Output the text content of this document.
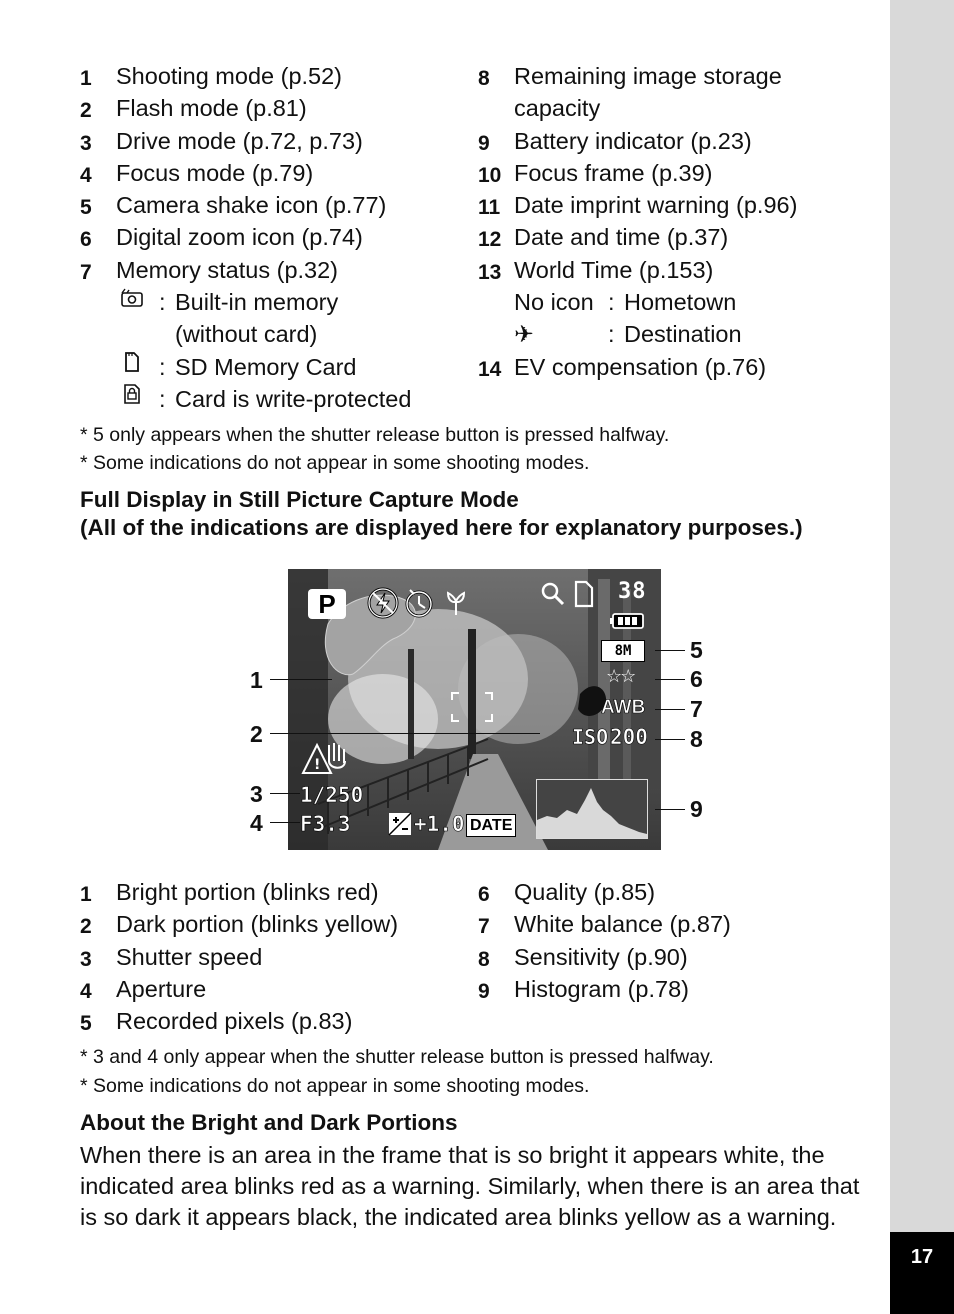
17
1 Shooting mode (p.52)
2 Flash mode (p.81)
3 Drive mode (p.72, p.73)
4 Focus mode (p.79)
5 Camera shake icon (p.77)
6 Digital zoom icon (p.74)
7 Memory status (p.32)
: Built-in memory
(without card)
: SD Memory Card
: Card is write-protected
8 Remaining image storage
capacity
9 Battery indicator (p.23)
10 Focus frame (p.39)
11 Date imprint warning (p.96)
12 Date and time (p.37)
13 World Time (p.153)
No icon : Hometown
✈	: Destination
14 EV compensation (p.76)
* 5 only appears when the shutter release button is pressed halfway.
* Some indications do not appear in some shooting modes.
Full Display in Still Picture Capture Mode
(All of the indications are displayed here for explanatory purposes.)
P	38
8M
☆☆
AWB
ISO 200
!
1/250
F3.3	+1.0 DATE
1
2
3
4
5
6
7
8
9
1 Bright portion (blinks red)
2 Dark portion (blinks yellow)
3 Shutter speed
4 Aperture
5 Recorded pixels (p.83)
6 Quality (p.85)
7 White balance (p.87)
8 Sensitivity (p.90)
9 Histogram (p.78)
* 3 and 4 only appear when the shutter release button is pressed halfway.
* Some indications do not appear in some shooting modes.
About the Bright and Dark Portions
When there is an area in the frame that is so bright it appears white, the
indicated area blinks red as a warning. Similarly, when there is an area that
is so dark it appears black, the indicated area blinks yellow as a warning.
